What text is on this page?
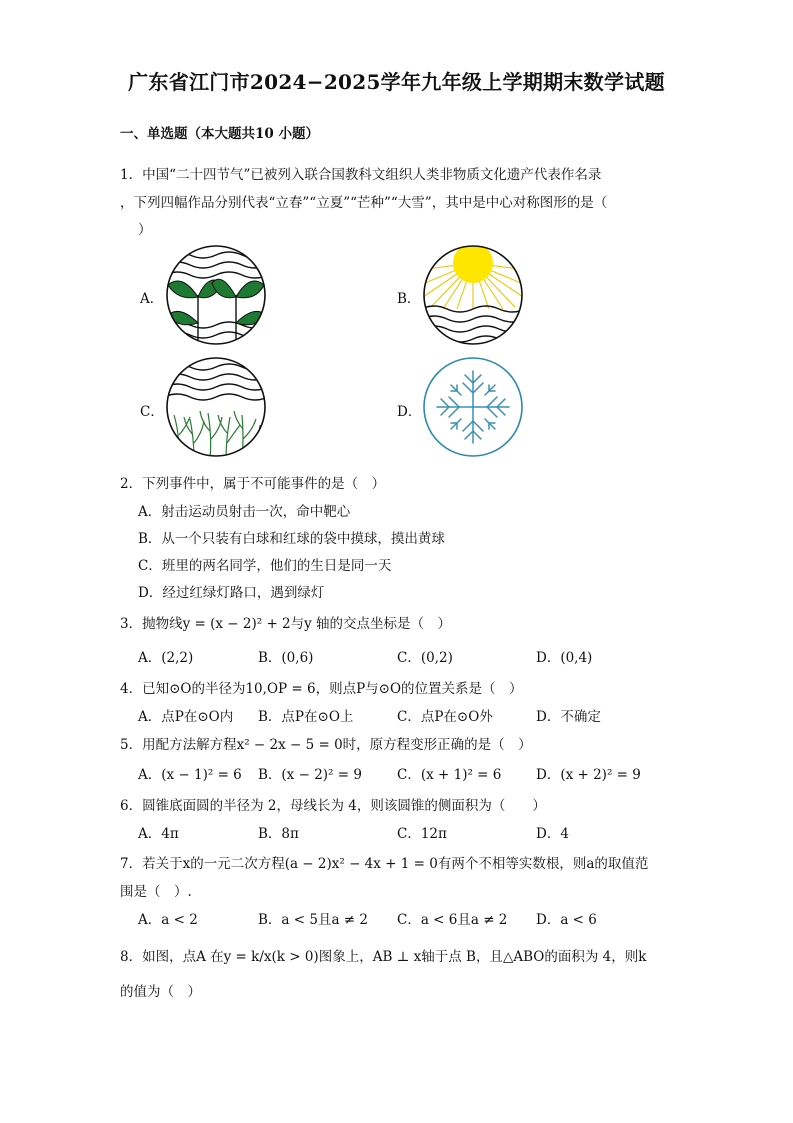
广东省江门市2024−2025学年九年级上学期期末数学试题
一、单选题（本大题共10 小题）
1．中国“二十四节气”已被列入联合国教科文组织人类非物质文化遗产代表作名录
，下列四幅作品分别代表“立春”“立夏”“芒种”“大雪”，其中是中心对称图形的是（
）
A．	B．
C．	D．
2．下列事件中，属于不可能事件的是（　）
A．射击运动员射击一次，命中靶心
B．从一个只装有白球和红球的袋中摸球，摸出黄球
C．班里的两名同学，他们的生日是同一天
D．经过红绿灯路口，遇到绿灯
3．抛物线y = (x − 2)² + 2与y 轴的交点坐标是（　）
A．(2,2)	B．(0,6)	C．(0,2)	D．(0,4)
4．已知⊙O的半径为10,OP = 6，则点P与⊙O的位置关系是（　）
A．点P在⊙O内 B．点P在⊙O上	C．点P在⊙O外	D．不确定
5．用配方法解方程x² − 2x − 5 = 0时，原方程变形正确的是（　）
A．(x − 1)² = 6 B．(x − 2)² = 9	C．(x + 1)² = 6	D．(x + 2)² = 9
6．圆锥底面圆的半径为 2，母线长为 4，则该圆锥的侧面积为（　　）
A．4π	B．8π	C．12π	D．4
7．若关于x的一元二次方程(a − 2)x² − 4x + 1 = 0有两个不相等实数根，则a的取值范
围是（　）.
A．a < 2	B．a < 5且a ≠ 2 C．a < 6且a ≠ 2 D．a < 6
8．如图，点A 在y = k/x(k > 0)图象上，AB ⊥ x轴于点 B，且△ABO的面积为 4，则k
的值为（　）
